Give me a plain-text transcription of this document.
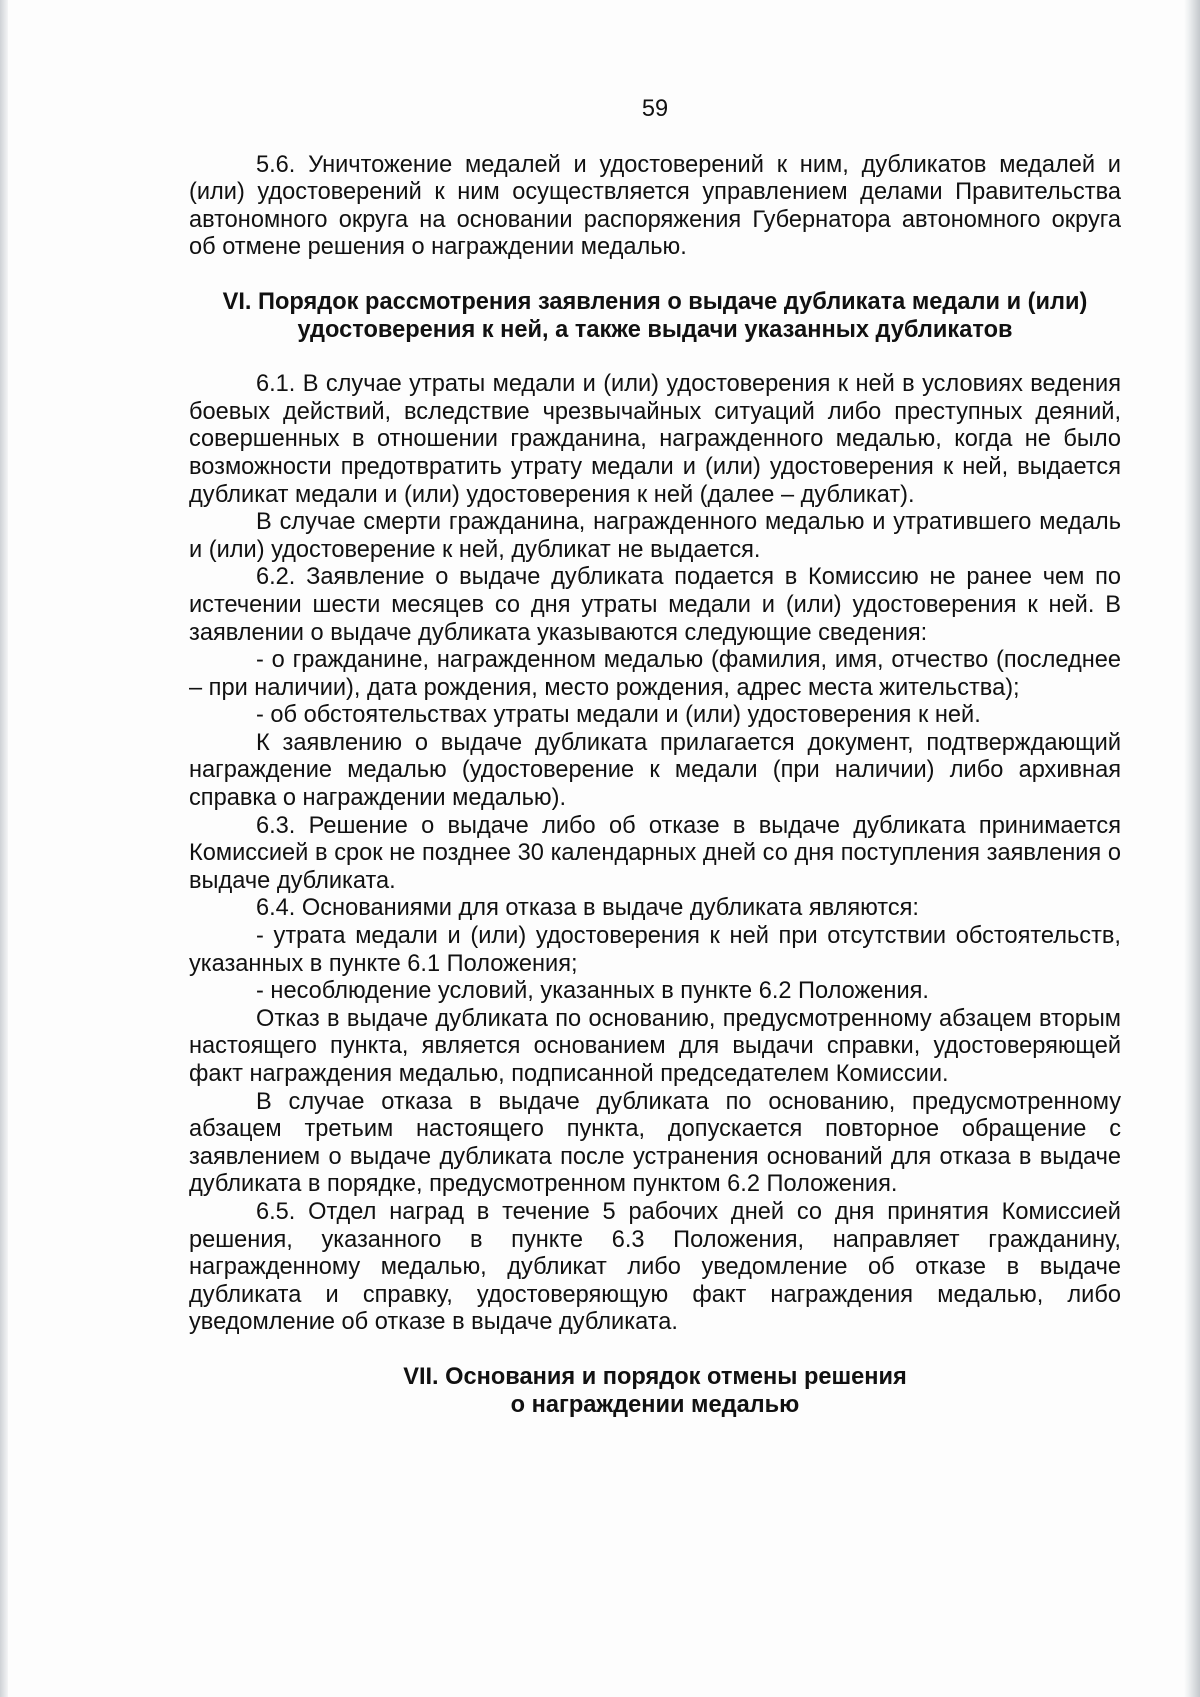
59

5.6. Уничтожение медалей и удостоверений к ним, дубликатов медалей и (или) удостоверений к ним осуществляется управлением делами Правительства автономного округа на основании распоряжения Губернатора автономного округа об отмене решения о награждении медалью.

VI. Порядок рассмотрения заявления о выдаче дубликата медали и (или)
удостоверения к ней, а также выдачи указанных дубликатов

6.1. В случае утраты медали и (или) удостоверения к ней в условиях ведения боевых действий, вследствие чрезвычайных ситуаций либо преступных деяний, совершенных в отношении гражданина, награжденного медалью, когда не было возможности предотвратить утрату медали и (или) удостоверения к ней, выдается дубликат медали и (или) удостоверения к ней (далее – дубликат).

В случае смерти гражданина, награжденного медалью и утратившего медаль и (или) удостоверение к ней, дубликат не выдается.

6.2. Заявление о выдаче дубликата подается в Комиссию не ранее чем по истечении шести месяцев со дня утраты медали и (или) удостоверения к ней. В заявлении о выдаче дубликата указываются следующие сведения:

- о гражданине, награжденном медалью (фамилия, имя, отчество (последнее – при наличии), дата рождения, место рождения, адрес места жительства);

- об обстоятельствах утраты медали и (или) удостоверения к ней.

К заявлению о выдаче дубликата прилагается документ, подтверждающий награждение медалью (удостоверение к медали (при наличии) либо архивная справка о награждении медалью).

6.3. Решение о выдаче либо об отказе в выдаче дубликата принимается Комиссией в срок не позднее 30 календарных дней со дня поступления заявления о выдаче дубликата.

6.4. Основаниями для отказа в выдаче дубликата являются:

- утрата медали и (или) удостоверения к ней при отсутствии обстоятельств, указанных в пункте 6.1 Положения;

- несоблюдение условий, указанных в пункте 6.2 Положения.

Отказ в выдаче дубликата по основанию, предусмотренному абзацем вторым настоящего пункта, является основанием для выдачи справки, удостоверяющей факт награждения медалью, подписанной председателем Комиссии.

В случае отказа в выдаче дубликата по основанию, предусмотренному абзацем третьим настоящего пункта, допускается повторное обращение с заявлением о выдаче дубликата после устранения оснований для отказа в выдаче дубликата в порядке, предусмотренном пунктом 6.2 Положения.

6.5. Отдел наград в течение 5 рабочих дней со дня принятия Комиссией решения, указанного в пункте 6.3 Положения, направляет гражданину, награжденному медалью, дубликат либо уведомление об отказе в выдаче дубликата и справку, удостоверяющую факт награждения медалью, либо уведомление об отказе в выдаче дубликата.

VII. Основания и порядок отмены решения
о награждении медалью
